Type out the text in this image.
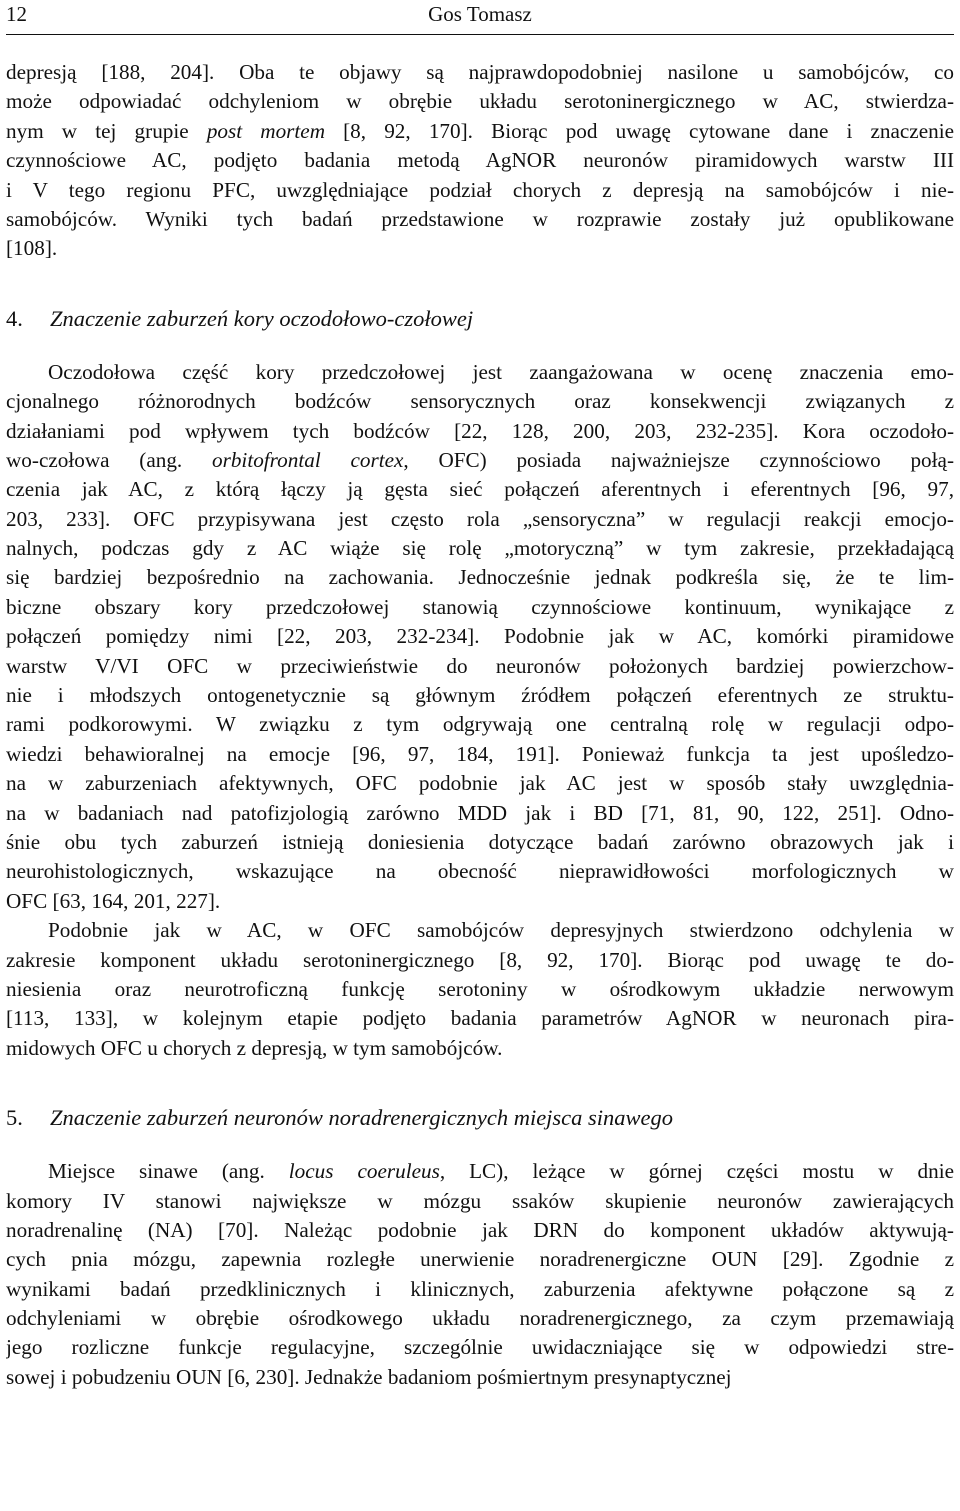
12	Gos Tomasz
depresją [188, 204]. Oba te objawy są najprawdopodobniej nasilone u samobójców, co
może odpowiadać odchyleniom w obrębie układu serotoninergicznego w AC, stwierdza-
nym w tej grupie post mortem [8, 92, 170]. Biorąc pod uwagę cytowane dane i znaczenie
czynnościowe AC, podjęto badania metodą AgNOR neuronów piramidowych warstw III
i V tego regionu PFC, uwzględniające podział chorych z depresją na samobójców i nie-
samobójców. Wyniki tych badań przedstawione w rozprawie zostały już opublikowane
[108].
4. Znaczenie zaburzeń kory oczodołowo-czołowej
Oczodołowa część kory przedczołowej jest zaangażowana w ocenę znaczenia emo-
cjonalnego różnorodnych bodźców sensorycznych oraz konsekwencji związanych z
działaniami pod wpływem tych bodźców [22, 128, 200, 203, 232-235]. Kora oczodoło-
wo-czołowa (ang. orbitofrontal cortex, OFC) posiada najważniejsze czynnościowo połą-
czenia jak AC, z którą łączy ją gęsta sieć połączeń aferentnych i eferentnych [96, 97,
203, 233]. OFC przypisywana jest często rola „sensoryczna” w regulacji reakcji emocjo-
nalnych, podczas gdy z AC wiąże się rolę „motoryczną” w tym zakresie, przekładającą
się bardziej bezpośrednio na zachowania. Jednocześnie jednak podkreśla się, że te lim-
biczne obszary kory przedczołowej stanowią czynnościowe kontinuum, wynikające z
połączeń pomiędzy nimi [22, 203, 232-234]. Podobnie jak w AC, komórki piramidowe
warstw V/VI OFC w przeciwieństwie do neuronów położonych bardziej powierzchow-
nie i młodszych ontogenetycznie są głównym źródłem połączeń eferentnych ze struktu-
rami podkorowymi. W związku z tym odgrywają one centralną rolę w regulacji odpo-
wiedzi behawioralnej na emocje [96, 97, 184, 191]. Ponieważ funkcja ta jest upośledzo-
na w zaburzeniach afektywnych, OFC podobnie jak AC jest w sposób stały uwzględnia-
na w badaniach nad patofizjologią zarówno MDD jak i BD [71, 81, 90, 122, 251]. Odno-
śnie obu tych zaburzeń istnieją doniesienia dotyczące badań zarówno obrazowych jak i
neurohistologicznych, wskazujące na obecność nieprawidłowości morfologicznych w
OFC [63, 164, 201, 227].
Podobnie jak w AC, w OFC samobójców depresyjnych stwierdzono odchylenia w
zakresie komponent układu serotoninergicznego [8, 92, 170]. Biorąc pod uwagę te do-
niesienia oraz neurotroficzną funkcję serotoniny w ośrodkowym układzie nerwowym
[113, 133], w kolejnym etapie podjęto badania parametrów AgNOR w neuronach pira-
midowych OFC u chorych z depresją, w tym samobójców.
5. Znaczenie zaburzeń neuronów noradrenergicznych miejsca sinawego
Miejsce sinawe (ang. locus coeruleus, LC), leżące w górnej części mostu w dnie
komory IV stanowi największe w mózgu ssaków skupienie neuronów zawierających
noradrenalinę (NA) [70]. Należąc podobnie jak DRN do komponent układów aktywują-
cych pnia mózgu, zapewnia rozległe unerwienie noradrenergiczne OUN [29]. Zgodnie z
wynikami badań przedklinicznych i klinicznych, zaburzenia afektywne połączone są z
odchyleniami w obrębie ośrodkowego układu noradrenergicznego, za czym przemawiają
jego rozliczne funkcje regulacyjne, szczególnie uwidaczniające się w odpowiedzi stre-
sowej i pobudzeniu OUN [6, 230]. Jednakże badaniom pośmiertnym presynaptycznej
